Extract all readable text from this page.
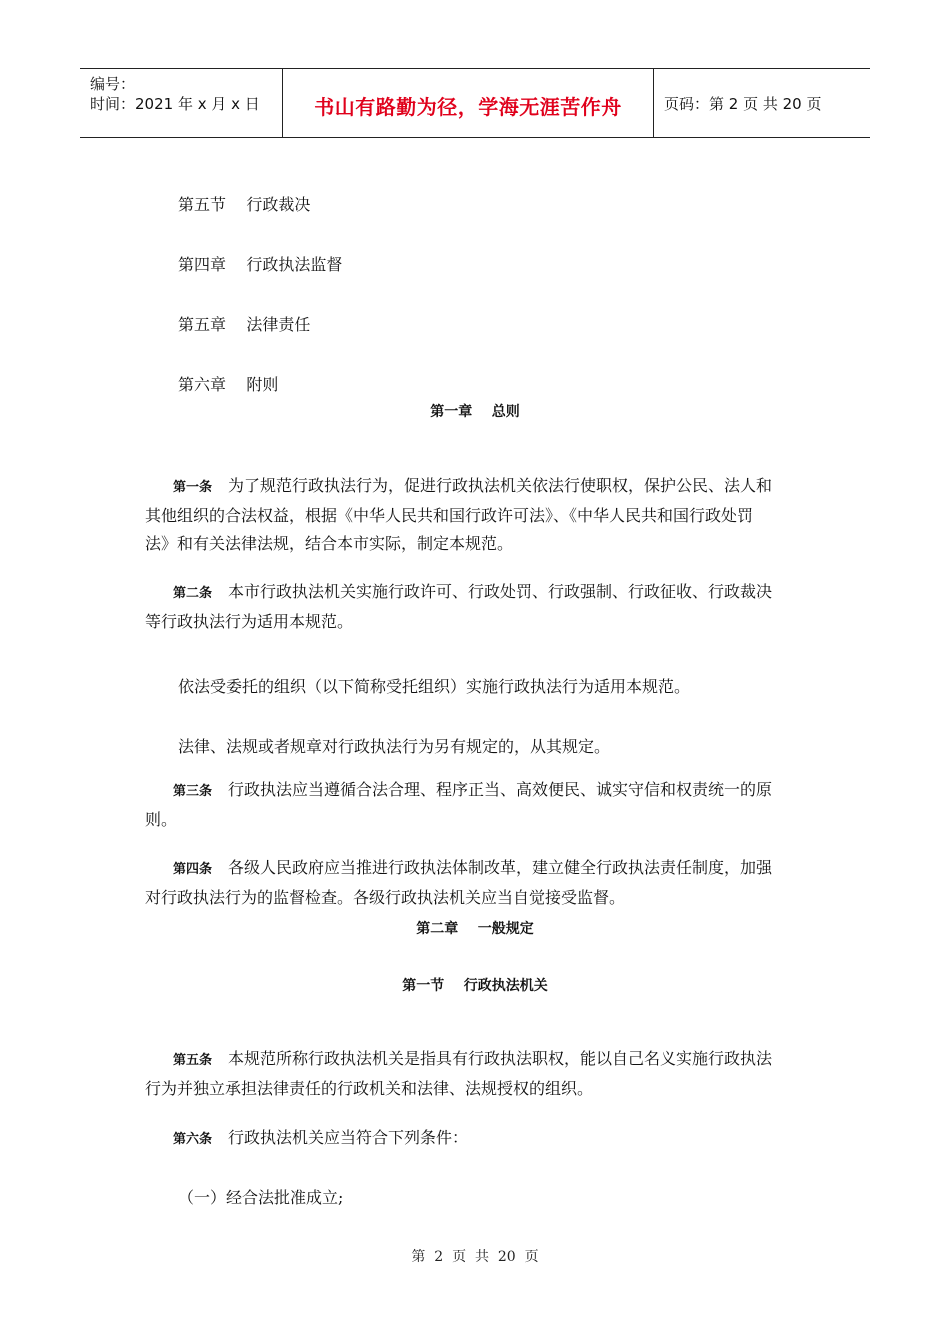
编号：
时间：2021 年 x 月 x 日	书山有路勤为径，学海无涯苦作舟	页码：第 2 页 共 20 页
第五节    行政裁决
第四章    行政执法监督
第五章    法律责任
第六章    附则
第一章    总则
第一条 为了规范行政执法行为，促进行政执法机关依法行使职权，保护公民、法人和
其他组织的合法权益，根据《中华人民共和国行政许可法》、《中华人民共和国行政处罚
法》和有关法律法规，结合本市实际，制定本规范。
第二条 本市行政执法机关实施行政许可、行政处罚、行政强制、行政征收、行政裁决
等行政执法行为适用本规范。
依法受委托的组织（以下简称受托组织）实施行政执法行为适用本规范。
法律、法规或者规章对行政执法行为另有规定的，从其规定。
第三条 行政执法应当遵循合法合理、程序正当、高效便民、诚实守信和权责统一的原
则。
第四条 各级人民政府应当推进行政执法体制改革，建立健全行政执法责任制度，加强
对行政执法行为的监督检查。各级行政执法机关应当自觉接受监督。
第二章    一般规定
第一节    行政执法机关
第五条 本规范所称行政执法机关是指具有行政执法职权，能以自己名义实施行政执法
行为并独立承担法律责任的行政机关和法律、法规授权的组织。
第六条 行政执法机关应当符合下列条件：
（一）经合法批准成立;
第  2  页  共  20  页
